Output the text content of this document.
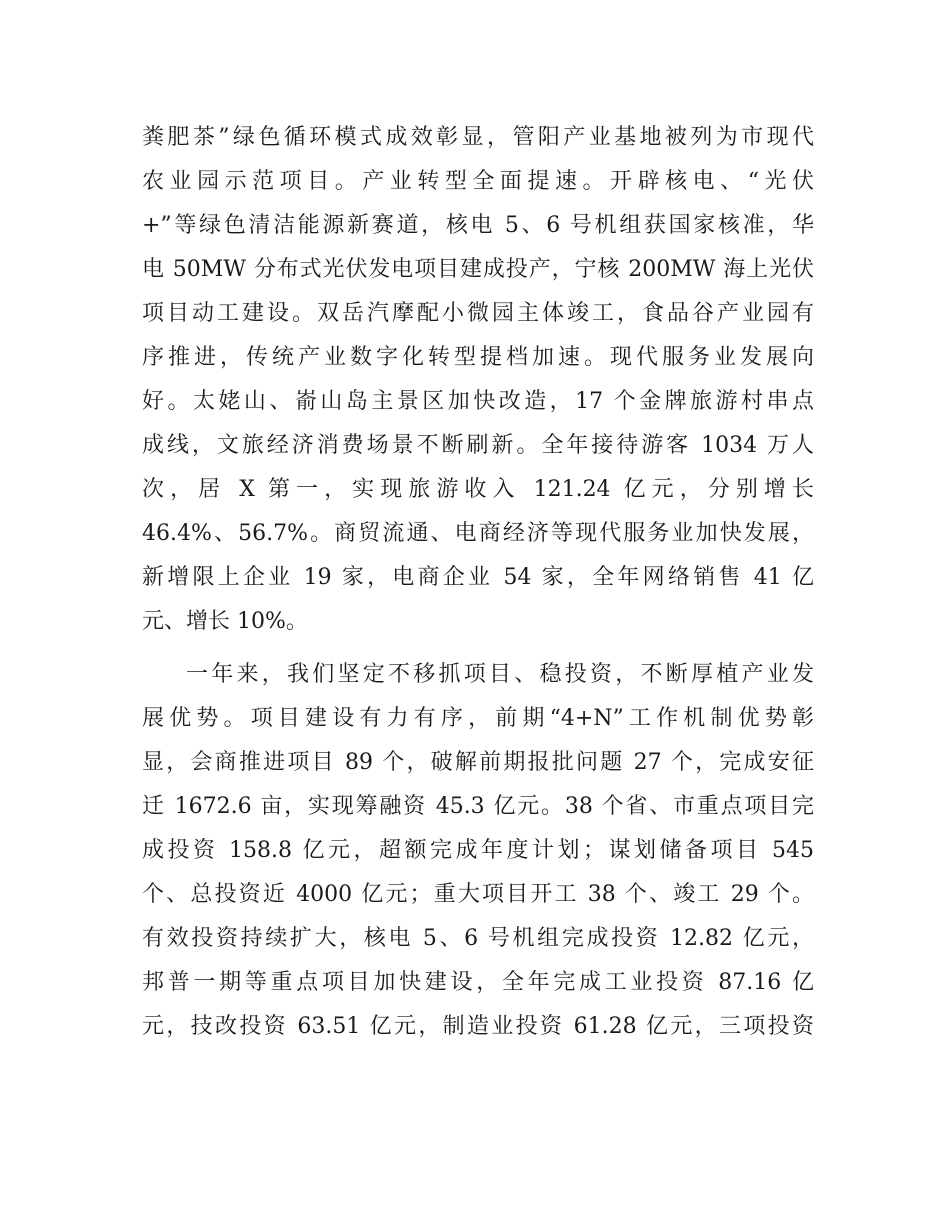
粪肥茶”绿色循环模式成效彰显，管阳产业基地被列为市现代
农业园示范项目。产业转型全面提速。开辟核电、“光伏
+”等绿色清洁能源新赛道，核电 5、6 号机组获国家核准，华
电 50MW 分布式光伏发电项目建成投产，宁核 200MW 海上光伏
项目动工建设。双岳汽摩配小微园主体竣工，食品谷产业园有
序推进，传统产业数字化转型提档加速。现代服务业发展向
好。太姥山、嵛山岛主景区加快改造，17 个金牌旅游村串点
成线，文旅经济消费场景不断刷新。全年接待游客 1034 万人
次，居 X 第一，实现旅游收入 121.24 亿元，分别增长
46.4%、56.7%。商贸流通、电商经济等现代服务业加快发展，
新增限上企业 19 家，电商企业 54 家，全年网络销售 41 亿
元、增长 10%。
一年来，我们坚定不移抓项目、稳投资，不断厚植产业发
展优势。项目建设有力有序，前期“4+N”工作机制优势彰
显，会商推进项目 89 个，破解前期报批问题 27 个，完成安征
迁 1672.6 亩，实现筹融资 45.3 亿元。38 个省、市重点项目完
成投资 158.8 亿元，超额完成年度计划；谋划储备项目 545
个、总投资近 4000 亿元；重大项目开工 38 个、竣工 29 个。
有效投资持续扩大，核电 5、6 号机组完成投资 12.82 亿元，
邦普一期等重点项目加快建设，全年完成工业投资 87.16 亿
元，技改投资 63.51 亿元，制造业投资 61.28 亿元，三项投资
